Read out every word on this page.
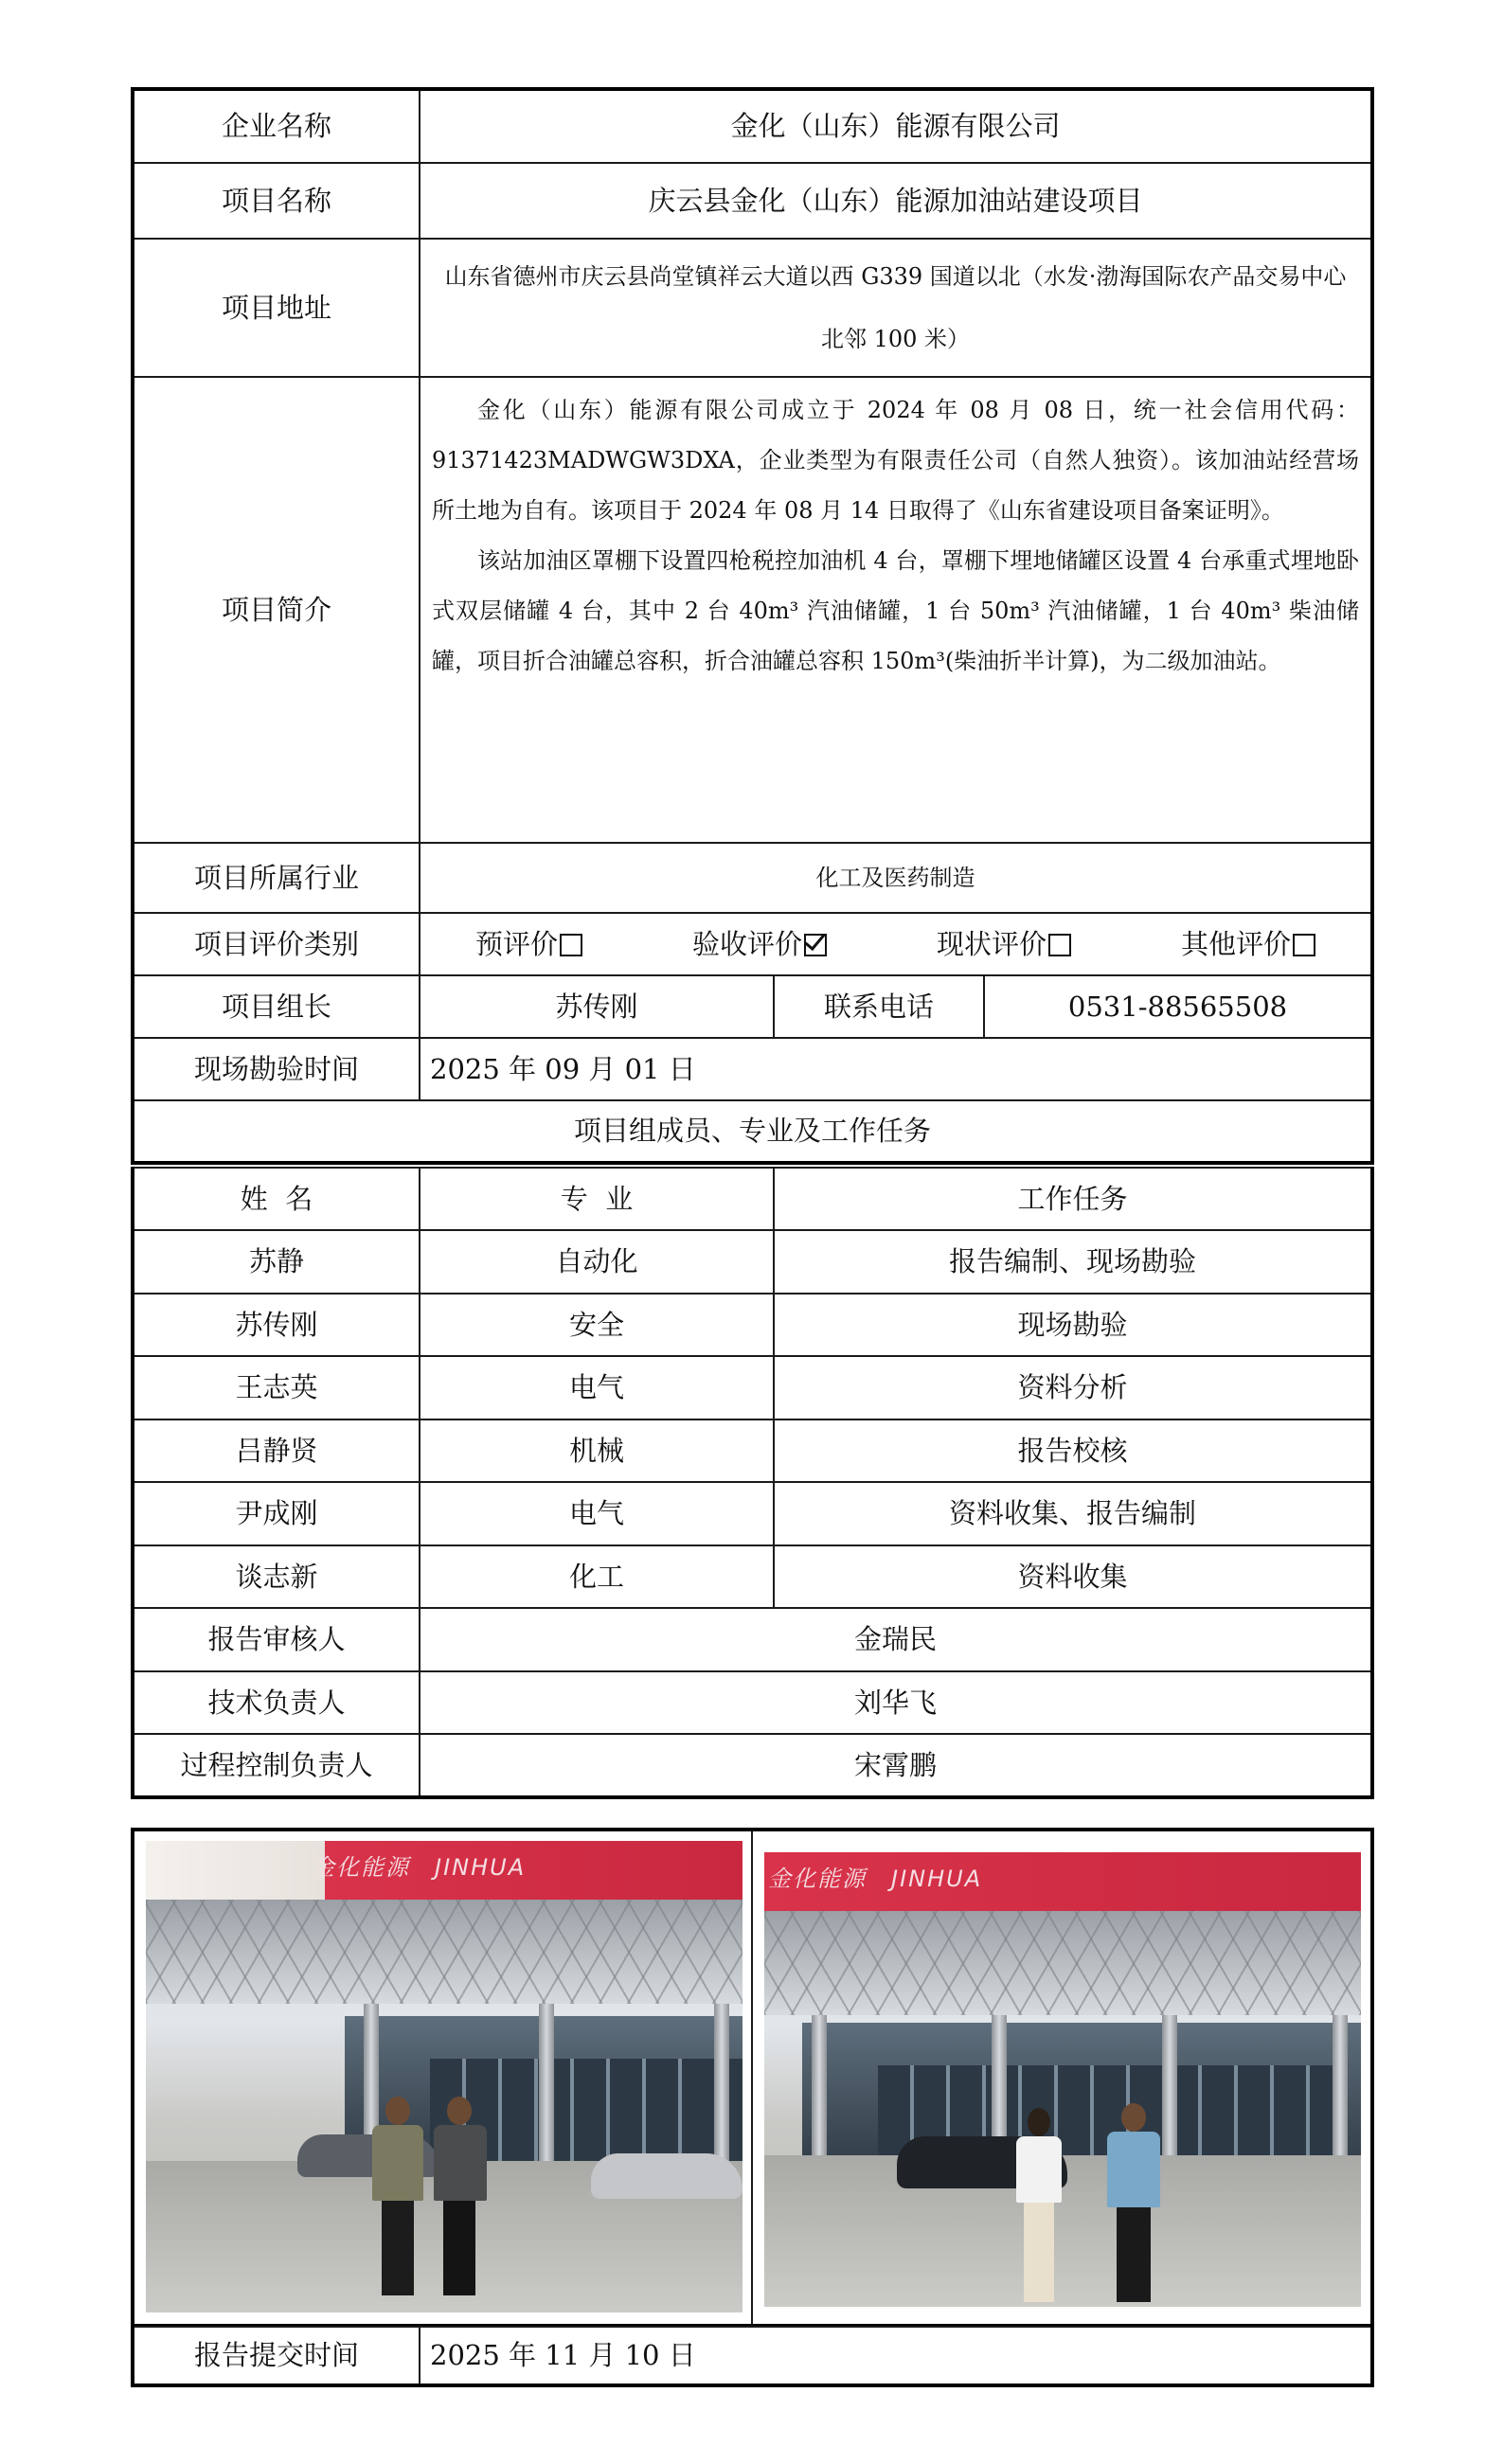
企业名称	金化（山东）能源有限公司		
项目名称	庆云县金化（山东）能源加油站建设项目		
项目地址	山东省德州市庆云县尚堂镇祥云大道以西 G339 国道以北（水发·渤海国际农产品交易中心北邻 100 米）		
项目简介	金化（山东）能源有限公司成立于 2024 年 08 月 08 日，统一社会信用代码：91371423MADWGW3DXA，企业类型为有限责任公司（自然人独资）。该加油站经营场所土地为自有。该项目于 2024 年 08 月 14 日取得了《山东省建设项目备案证明》。

该站加油区罩棚下设置四枪税控加油机 4 台，罩棚下埋地储罐区设置 4 台承重式埋地卧式双层储罐 4 台，其中 2 台 40m³ 汽油储罐，1 台 50m³ 汽油储罐，1 台 40m³ 柴油储罐，项目折合油罐总容积，折合油罐总容积 150m³(柴油折半计算)，为二级加油站。		

项目所属行业	化工及医药制造		
项目评价类别	预评价 验收评价 现状评价 其他评价		

项目组长	苏传刚	联系电话	0531-88565508
现场勘验时间	2025 年 09 月 01 日		
项目组成员、专业及工作任务			
姓  名	专  业	工作任务
苏静	自动化	报告编制、现场勘验
苏传刚	安全	现场勘验
王志英	电气	资料分析
吕静贤	机械	报告校核
尹成刚	电气	资料收集、报告编制
谈志新	化工	资料收集
报告审核人	金瑞民	
技术负责人	刘华飞	
过程控制负责人	宋霄鹏	
金化能源　JINHUA	金化能源　JINHUA
报告提交时间	2025 年 11 月 10 日
